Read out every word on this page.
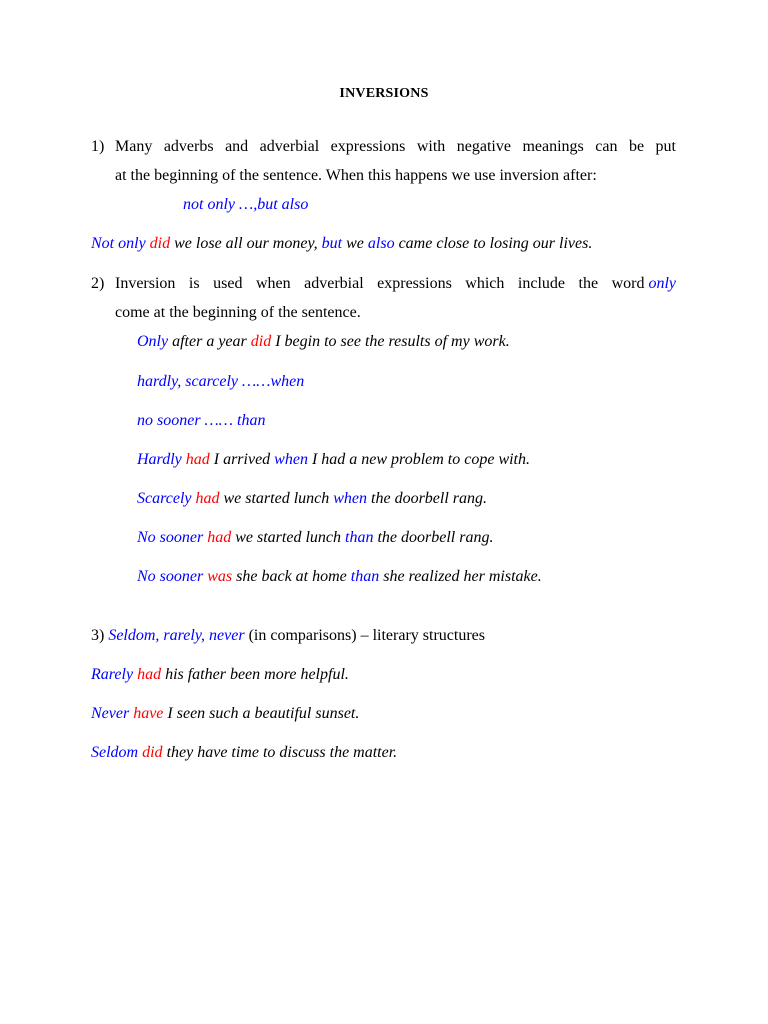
INVERSIONS
1) Many adverbs and adverbial expressions with negative meanings can be put
at the beginning of the sentence. When this happens we use inversion after:
not only …,but also
Not only did we lose all our money, but we also came close to losing our lives.
2) Inversion is used when adverbial expressions which include the word only
come at the beginning of the sentence.
Only after a year did I begin to see the results of my work.
hardly, scarcely ……when
no sooner …… than
Hardly had I arrived when I had a new problem to cope with.
Scarcely had we started lunch when the doorbell rang.
No sooner had we started lunch than the doorbell rang.
No sooner was she back at home than she realized her mistake.
3) Seldom, rarely, never (in comparisons) – literary structures
Rarely had his father been more helpful.
Never have I seen such a beautiful sunset.
Seldom did they have time to discuss the matter.
